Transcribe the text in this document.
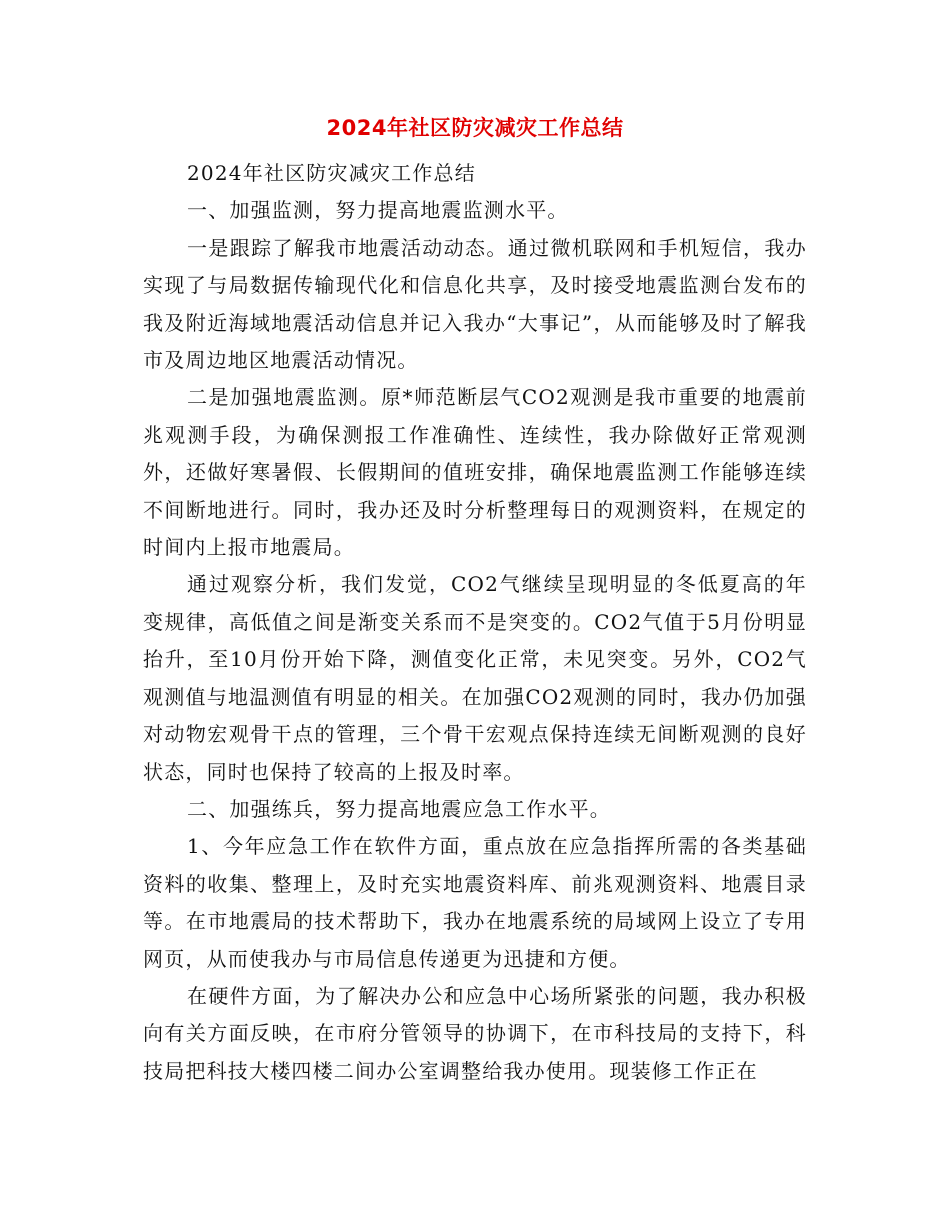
2024年社区防灾减灾工作总结

2024年社区防灾减灾工作总结

一、加强监测，努力提高地震监测水平。

一是跟踪了解我市地震活动动态。通过微机联网和手机短信，我办实现了与局数据传输现代化和信息化共享，及时接受地震监测台发布的我及附近海域地震活动信息并记入我办“大事记”，从而能够及时了解我市及周边地区地震活动情况。

二是加强地震监测。原*师范断层气CO2观测是我市重要的地震前兆观测手段，为确保测报工作准确性、连续性，我办除做好正常观测外，还做好寒暑假、长假期间的值班安排，确保地震监测工作能够连续不间断地进行。同时，我办还及时分析整理每日的观测资料，在规定的时间内上报市地震局。

通过观察分析，我们发觉，CO2气继续呈现明显的冬低夏高的年变规律，高低值之间是渐变关系而不是突变的。CO2气值于5月份明显抬升，至10月份开始下降，测值变化正常，未见突变。另外，CO2气观测值与地温测值有明显的相关。在加强CO2观测的同时，我办仍加强对动物宏观骨干点的管理，三个骨干宏观点保持连续无间断观测的良好状态，同时也保持了较高的上报及时率。

二、加强练兵，努力提高地震应急工作水平。

1、今年应急工作在软件方面，重点放在应急指挥所需的各类基础资料的收集、整理上，及时充实地震资料库、前兆观测资料、地震目录等。在市地震局的技术帮助下，我办在地震系统的局域网上设立了专用网页，从而使我办与市局信息传递更为迅捷和方便。

在硬件方面，为了解决办公和应急中心场所紧张的问题，我办积极向有关方面反映，在市府分管领导的协调下，在市科技局的支持下，科技局把科技大楼四楼二间办公室调整给我办使用。现装修工作正在
